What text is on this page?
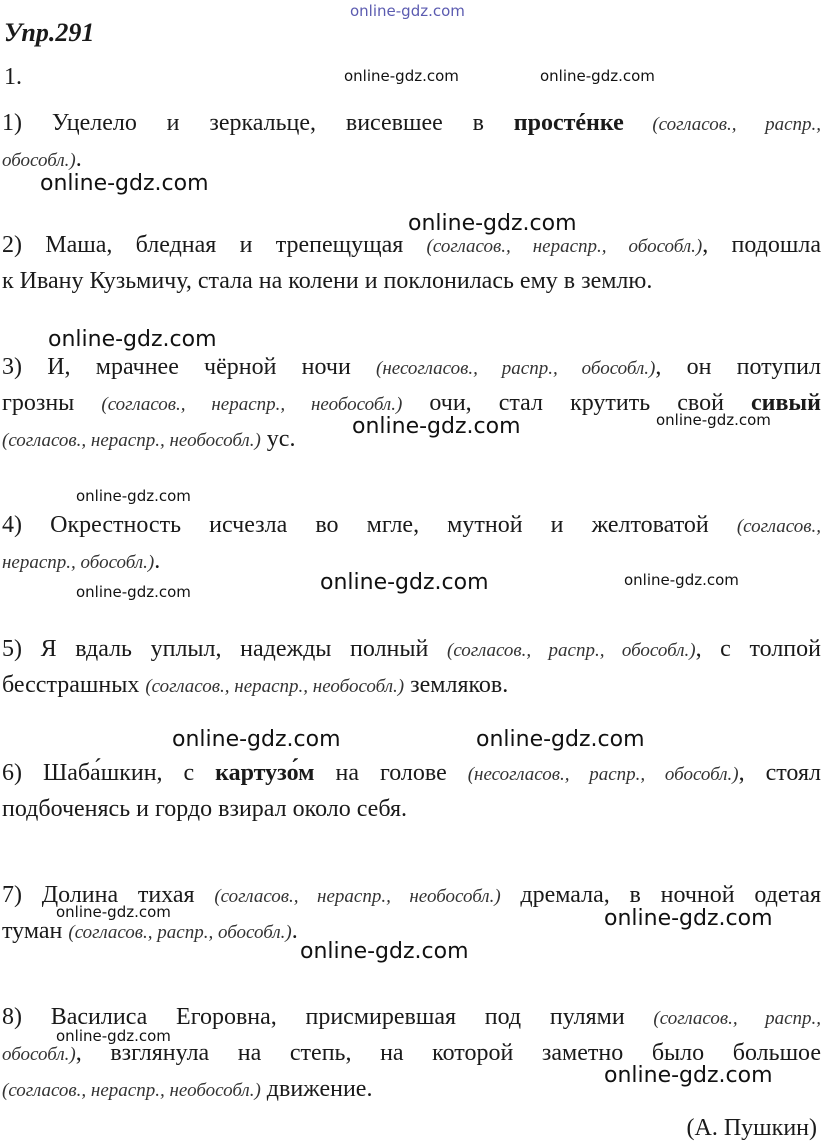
online-gdz.com
online-gdz.com	online-gdz.com
online-gdz.com
online-gdz.com
online-gdz.com
online-gdz.com	online-gdz.com
online-gdz.com
online-gdz.com	online-gdz.com
online-gdz.com
online-gdz.com	online-gdz.com
online-gdz.com
online-gdz.com
online-gdz.com
online-gdz.com
online-gdz.com
Упр.291
1.
1) Уцелело и зеркальце, висевшее в простéнке (согласов., распр.,
обособл.).
2) Маша, бледная и трепещущая (согласов., нераспр., обособл.), подошла
к Ивану Кузьмичу, стала на колени и поклонилась ему в землю.
3) И, мрачнее чёрной ночи (несогласов., распр., обособл.), он потупил
грозны (согласов., нераспр., необособл.) очи, стал крутить свой сивый
(согласов., нераспр., необособл.) ус.
4) Окрестность исчезла во мгле, мутной и желтоватой (согласов.,
нераспр., обособл.).
5) Я вдаль уплыл, надежды полный (согласов., распр., обособл.), с толпой
бесстрашных (согласов., нераспр., необособл.) земляков.
6) Шаба́шкин, с картузо́м на голове (несогласов., распр., обособл.), стоял
подбоченясь и гордо взирал около себя.
7) Долина тихая (согласов., нераспр., необособл.) дремала, в ночной одетая
туман (согласов., распр., обособл.).
8) Василиса Егоровна, присмиревшая под пулями (согласов., распр.,
обособл.), взглянула на степь, на которой заметно было большое
(согласов., нераспр., необособл.) движение.
(А. Пушкин)
